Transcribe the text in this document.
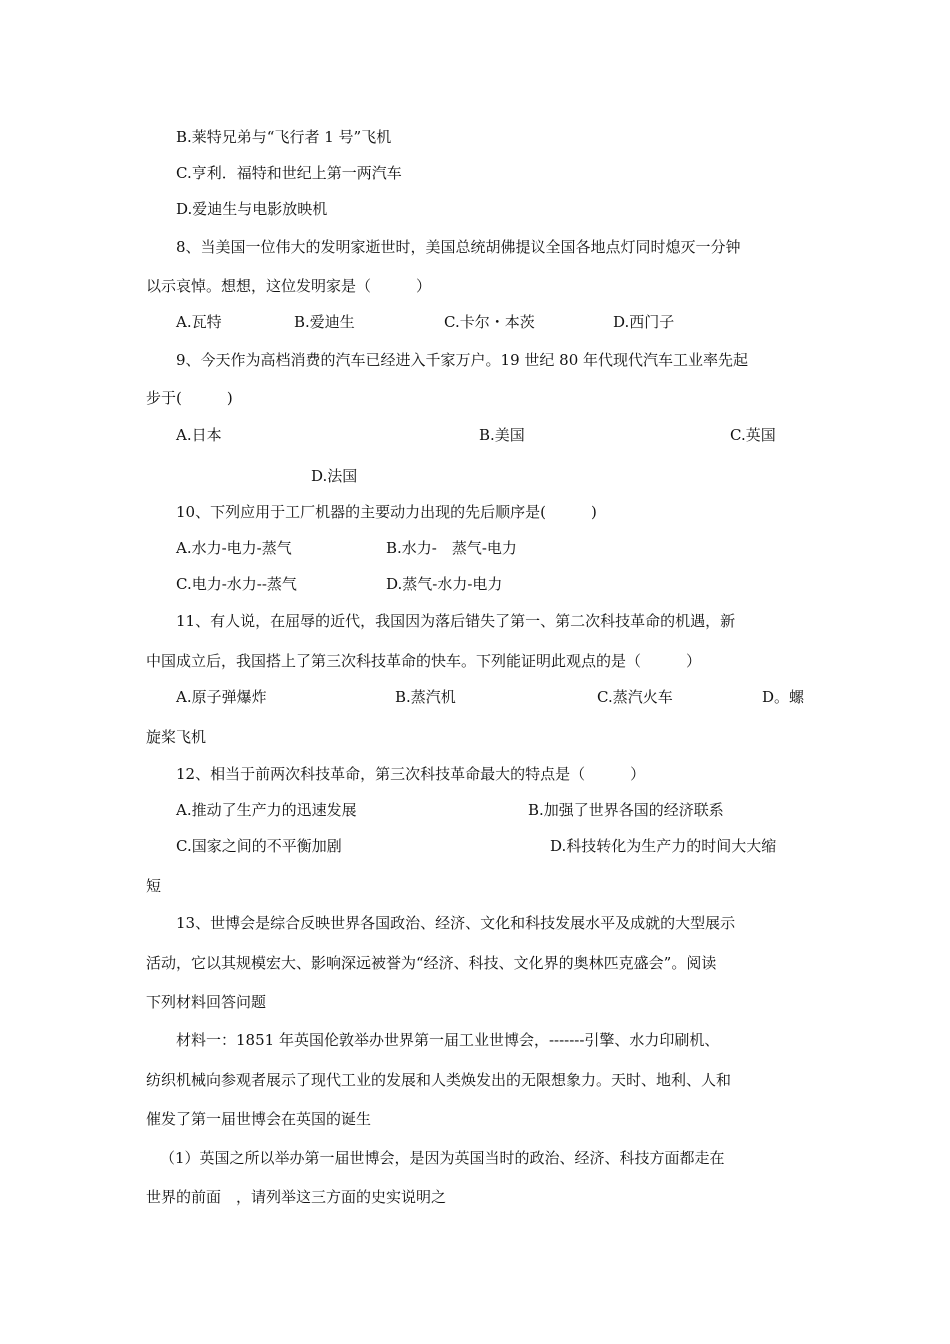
B.莱特兄弟与“飞行者 1 号”飞机
C.亨利．福特和世纪上第一两汽车
D.爱迪生与电影放映机
8、当美国一位伟大的发明家逝世时，美国总统胡佛提议全国各地点灯同时熄灭一分钟
以示哀悼。想想，这位发明家是（　　　）
A.瓦特	B.爱迪生	C.卡尔・本茨	D.西门子
9、今天作为高档消费的汽车已经进入千家万户。19 世纪 80 年代现代汽车工业率先起
步于(　　　)
A.日本	B.美国	C.英国
D.法国
10、下列应用于工厂机器的主要动力出现的先后顺序是(　　　)
A.水力-电力-蒸气	B.水力-　蒸气-电力
C.电力-水力--蒸气	D.蒸气-水力-电力
11、有人说，在屈辱的近代，我国因为落后错失了第一、第二次科技革命的机遇，新
中国成立后，我国搭上了第三次科技革命的快车。下列能证明此观点的是（　　　）
A.原子弹爆炸	B.蒸汽机	C.蒸汽火车	D。螺
旋桨飞机
12、相当于前两次科技革命，第三次科技革命最大的特点是（　　　）
A.推动了生产力的迅速发展	B.加强了世界各国的经济联系
C.国家之间的不平衡加剧	D.科技转化为生产力的时间大大缩
短
13、世博会是综合反映世界各国政治、经济、文化和科技发展水平及成就的大型展示
活动，它以其规模宏大、影响深远被誉为“经济、科技、文化界的奥林匹克盛会”。阅读
下列材料回答问题
材料一：1851 年英国伦敦举办世界第一届工业世博会，-------引擎、水力印刷机、
纺织机械向参观者展示了现代工业的发展和人类焕发出的无限想象力。天时、地利、人和
催发了第一届世博会在英国的诞生
（1）英国之所以举办第一届世博会，是因为英国当时的政治、经济、科技方面都走在
世界的前面　，请列举这三方面的史实说明之
